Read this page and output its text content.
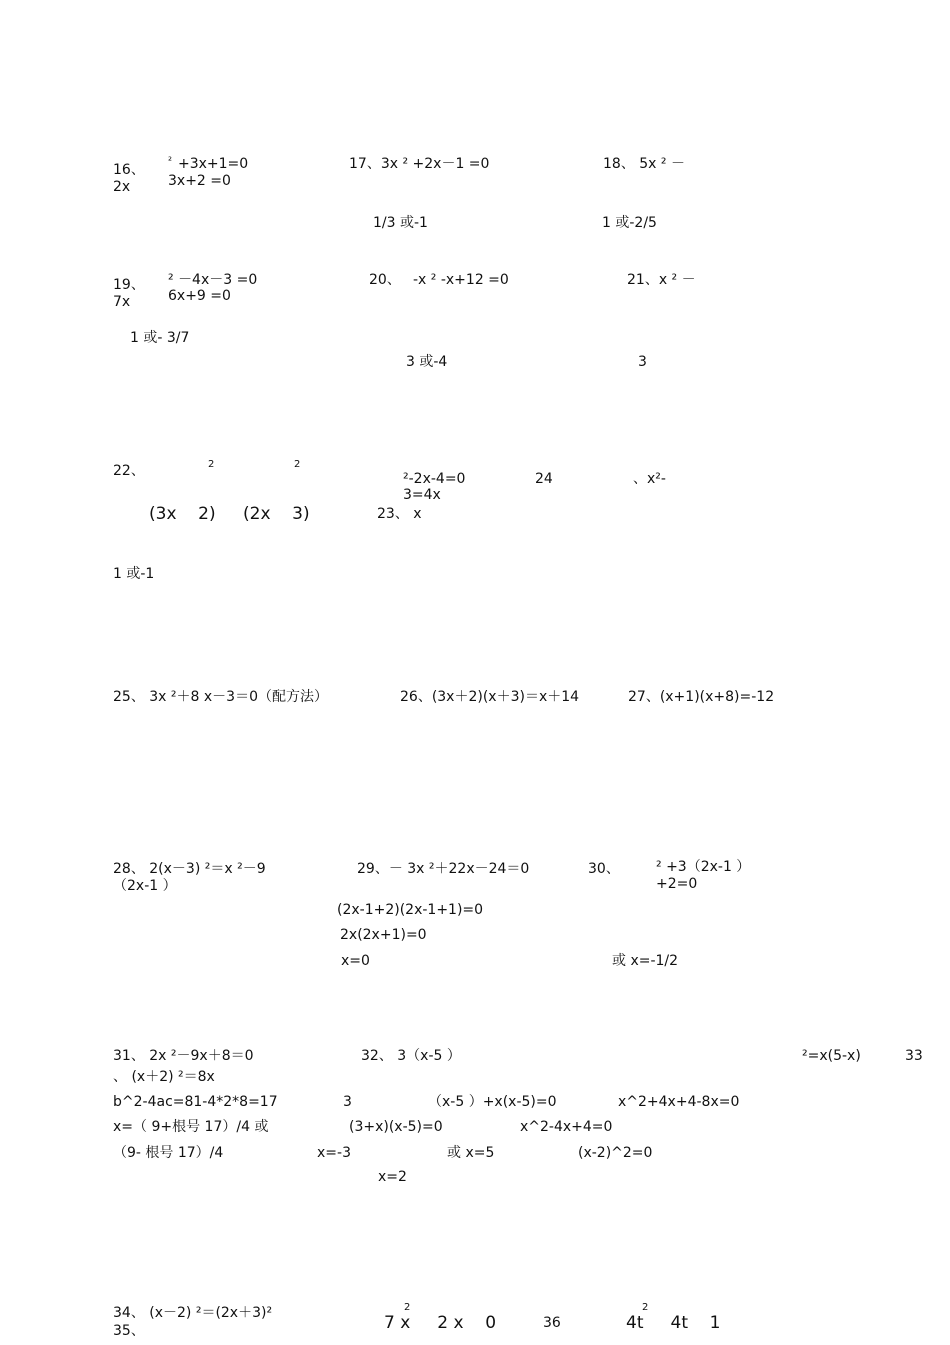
16、
2x
² +3x+1=0
3x+2 =0
17、3x ² +2x－1 =0
1/3 或-1
18、 5x ² －
1 或-2/5
19、
7x
² －4x－3 =0
6x+9 =0
1 或- 3/7
20、 -x ² -x+12 =0
3 或-4
21、x ² －
3
22、	2	2
(3x    2) (2x    3)
1 或-1
23、 x
²-2x-4=0
3=4x
24	、x²-
25、 3x ²＋8 x－3＝0（配方法）	26、(3x＋2)(x＋3)＝x＋14	27、(x+1)(x+8)=-12
28、 2(x－3) ²＝x ²－9
（2x-1 ）
29、－ 3x ²＋22x－24＝0	30、	² +3（2x-1 ）
+2=0
(2x-1+2)(2x-1+1)=0
2x(2x+1)=0
x=0	或 x=-1/2
31、 2x ²－9x＋8＝0	32、 3（x-5 ）	²=x(5-x)	33
、 (x＋2) ²＝8x
b^2-4ac=81-4*2*8=17	3	（x-5 ）+x(x-5)=0	x^2+4x+4-8x=0
x=（ 9+根号 17）/4 或	(3+x)(x-5)=0	x^2-4x+4=0
（9- 根号 17）/4	x=-3	或 x=5	(x-2)^2=0
x=2
34、 (x－2) ²＝(2x＋3)²
35、
2
7 x     2 x    0	36
2
4t     4t    1
